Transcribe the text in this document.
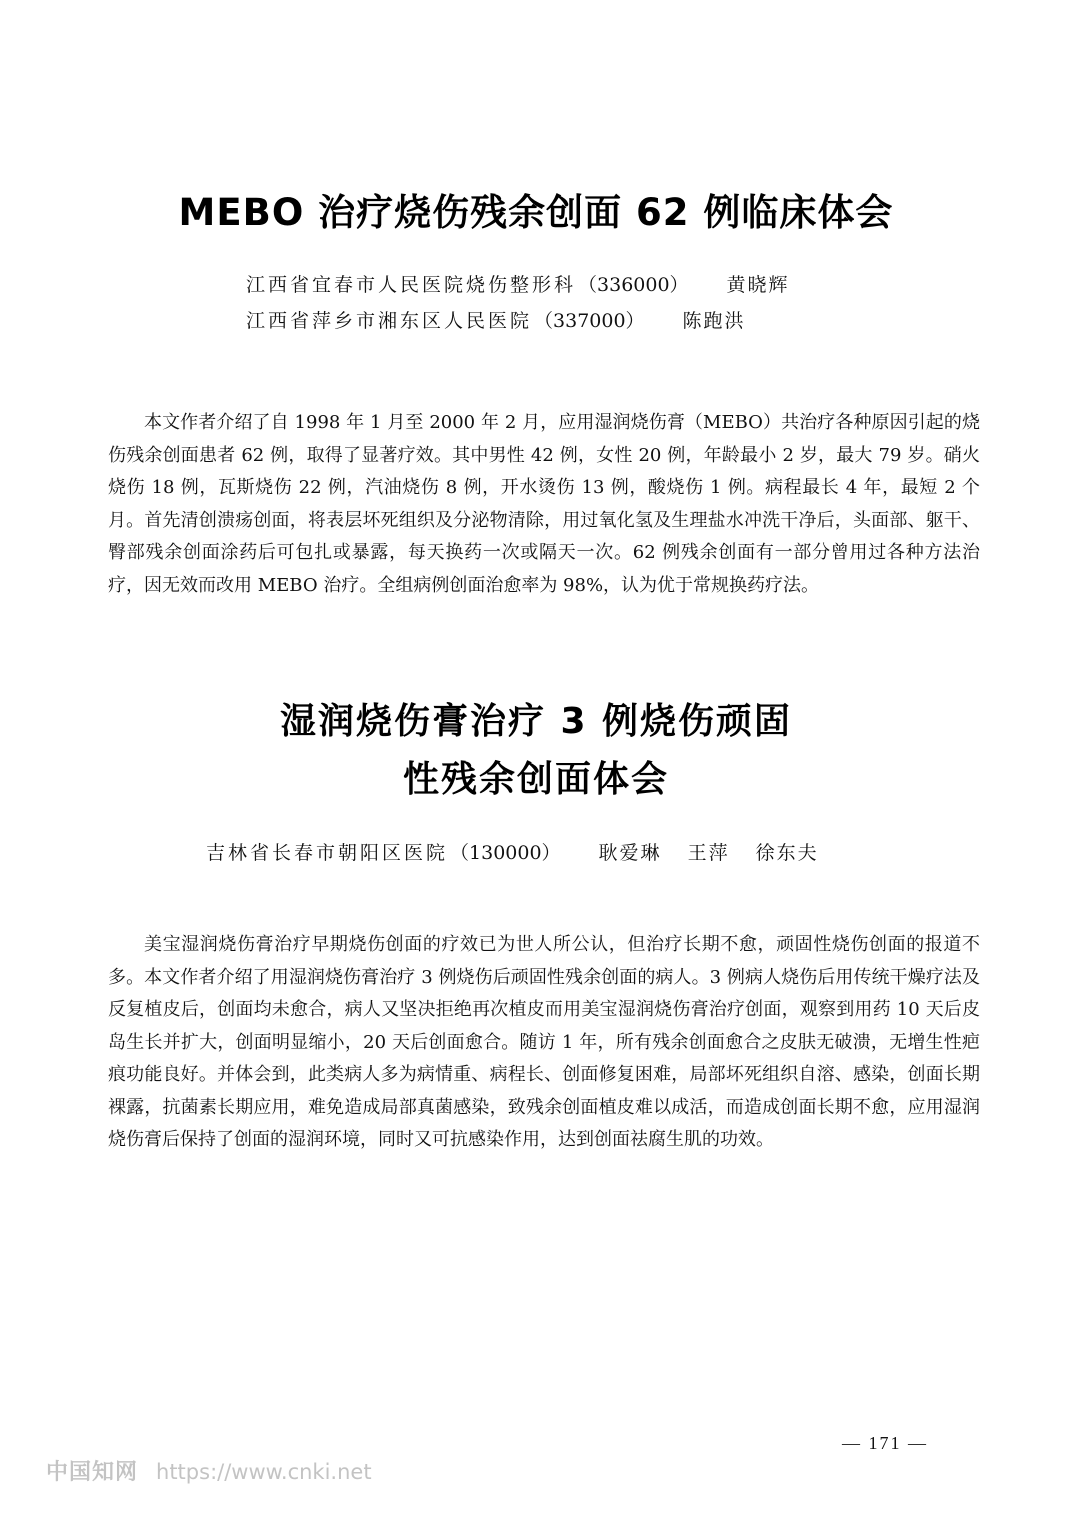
MEBO 治疗烧伤残余创面 62 例临床体会
江西省宜春市人民医院烧伤整形科 （336000） 黄晓辉
江西省萍乡市湘东区人民医院 （337000） 陈跑洪

本文作者介绍了自 1998 年 1 月至 2000 年 2 月，应用湿润烧伤膏（MEBO）共治疗各种原因引起的烧伤残余创面患者 62 例，取得了显著疗效。其中男性 42 例，女性 20 例，年龄最小 2 岁，最大 79 岁。硝火烧伤 18 例，瓦斯烧伤 22 例，汽油烧伤 8 例，开水烫伤 13 例，酸烧伤 1 例。病程最长 4 年，最短 2 个月。首先清创溃疡创面，将表层坏死组织及分泌物清除，用过氧化氢及生理盐水冲洗干净后，头面部、躯干、臀部残余创面涂药后可包扎或暴露，每天换药一次或隔天一次。62 例残余创面有一部分曾用过各种方法治疗，因无效而改用 MEBO 治疗。全组病例创面治愈率为 98%，认为优于常规换药疗法。

湿润烧伤膏治疗 3 例烧伤顽固
性残余创面体会
吉林省长春市朝阳区医院 （130000） 耿爱琳 王萍 徐东夫

美宝湿润烧伤膏治疗早期烧伤创面的疗效已为世人所公认，但治疗长期不愈，顽固性烧伤创面的报道不多。本文作者介绍了用湿润烧伤膏治疗 3 例烧伤后顽固性残余创面的病人。3 例病人烧伤后用传统干燥疗法及反复植皮后，创面均未愈合，病人又坚决拒绝再次植皮而用美宝湿润烧伤膏治疗创面，观察到用药 10 天后皮岛生长并扩大，创面明显缩小，20 天后创面愈合。随访 1 年，所有残余创面愈合之皮肤无破溃，无增生性疤痕功能良好。并体会到，此类病人多为病情重、病程长、创面修复困难，局部坏死组织自溶、感染，创面长期裸露，抗菌素长期应用，难免造成局部真菌感染，致残余创面植皮难以成活，而造成创面长期不愈，应用湿润烧伤膏后保持了创面的湿润环境，同时又可抗感染作用，达到创面祛腐生肌的功效。

— 171 —
中国知网 https://www.cnki.net
